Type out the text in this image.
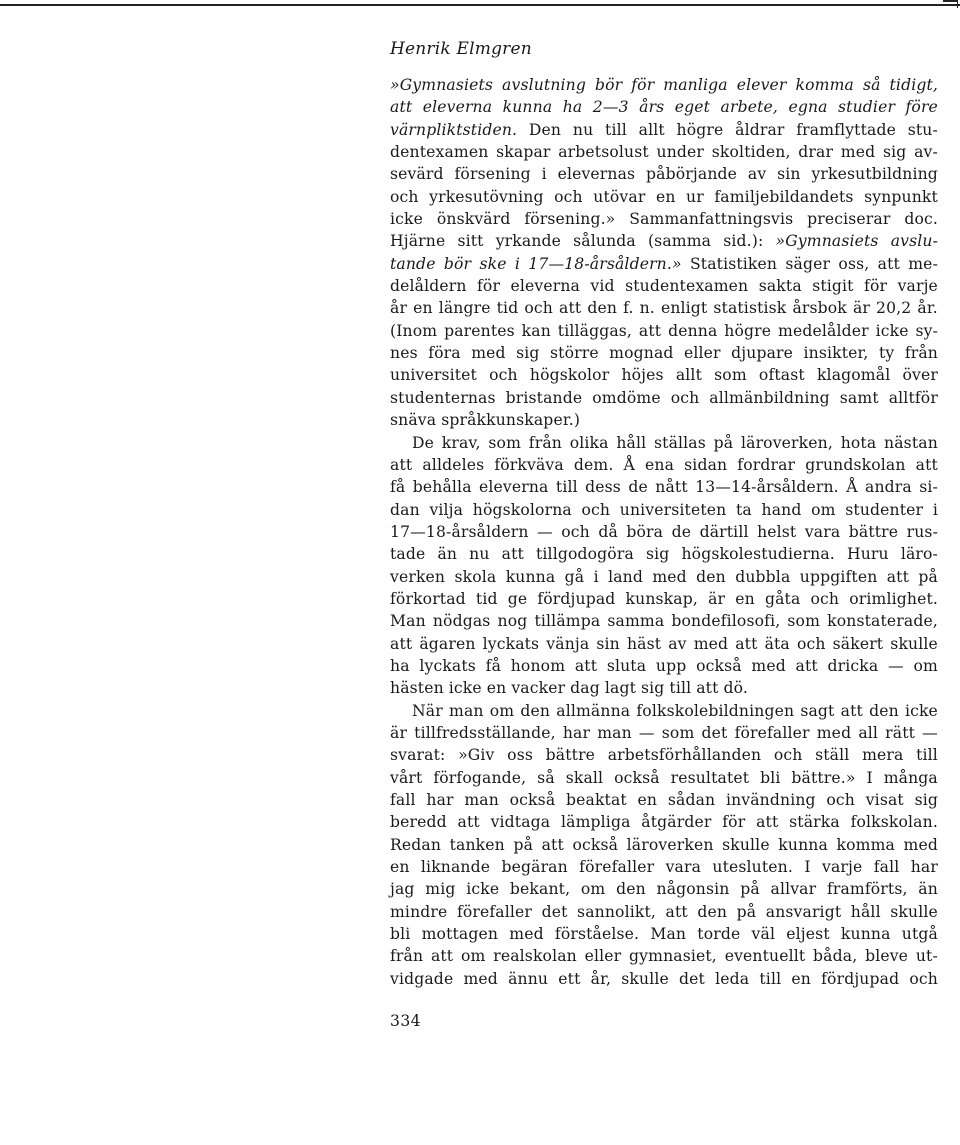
Henrik Elmgren
»Gymnasiets avslutning bör för manliga elever komma så tidigt,
att eleverna kunna ha 2—3 års eget arbete, egna studier före
värnpliktstiden. Den nu till allt högre åldrar framflyttade stu-
dentexamen skapar arbetsolust under skoltiden, drar med sig av-
sevärd försening i elevernas påbörjande av sin yrkesutbildning
och yrkesutövning och utövar en ur familjebildandets synpunkt
icke önskvärd försening.» Sammanfattningsvis preciserar doc.
Hjärne sitt yrkande sålunda (samma sid.): »Gymnasiets avslu-
tande bör ske i 17—18-årsåldern.» Statistiken säger oss, att me-
delåldern för eleverna vid studentexamen sakta stigit för varje
år en längre tid och att den f. n. enligt statistisk årsbok är 20,2 år.
(Inom parentes kan tilläggas, att denna högre medelålder icke sy-
nes föra med sig större mognad eller djupare insikter, ty från
universitet och högskolor höjes allt som oftast klagomål över
studenternas bristande omdöme och allmänbildning samt alltför
snäva språkkunskaper.)
De krav, som från olika håll ställas på läroverken, hota nästan
att alldeles förkväva dem. Å ena sidan fordrar grundskolan att
få behålla eleverna till dess de nått 13—14-årsåldern. Å andra si-
dan vilja högskolorna och universiteten ta hand om studenter i
17—18-årsåldern — och då böra de därtill helst vara bättre rus-
tade än nu att tillgodogöra sig högskolestudierna. Huru läro-
verken skola kunna gå i land med den dubbla uppgiften att på
förkortad tid ge fördjupad kunskap, är en gåta och orimlighet.
Man nödgas nog tillämpa samma bondefilosofi, som konstaterade,
att ägaren lyckats vänja sin häst av med att äta och säkert skulle
ha lyckats få honom att sluta upp också med att dricka — om
hästen icke en vacker dag lagt sig till att dö.
När man om den allmänna folkskolebildningen sagt att den icke
är tillfredsställande, har man — som det förefaller med all rätt —
svarat: »Giv oss bättre arbetsförhållanden och ställ mera till
vårt förfogande, så skall också resultatet bli bättre.» I många
fall har man också beaktat en sådan invändning och visat sig
beredd att vidtaga lämpliga åtgärder för att stärka folkskolan.
Redan tanken på att också läroverken skulle kunna komma med
en liknande begäran förefaller vara utesluten. I varje fall har
jag mig icke bekant, om den någonsin på allvar framförts, än
mindre förefaller det sannolikt, att den på ansvarigt håll skulle
bli mottagen med förståelse. Man torde väl eljest kunna utgå
från att om realskolan eller gymnasiet, eventuellt båda, bleve ut-
vidgade med ännu ett år, skulle det leda till en fördjupad och
334
